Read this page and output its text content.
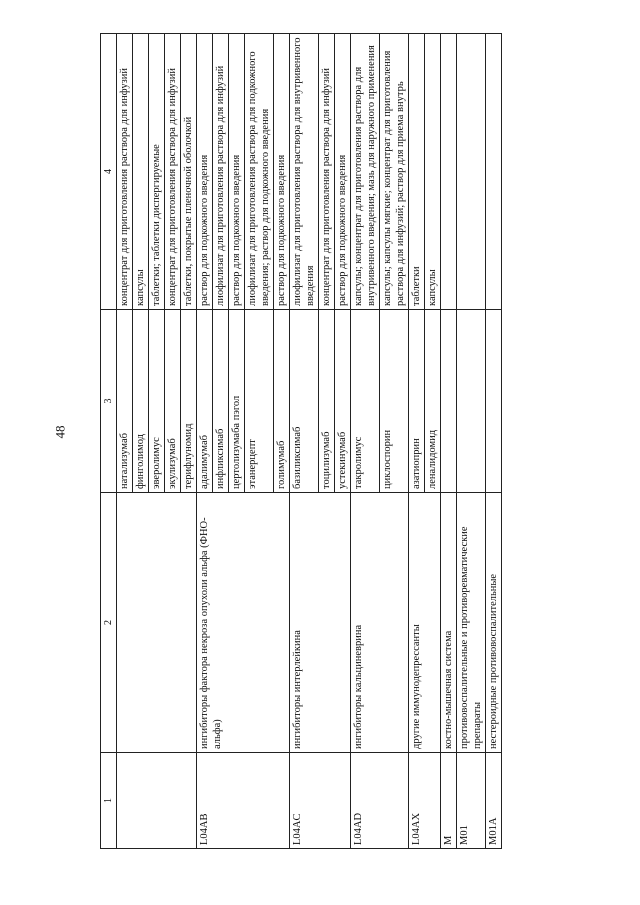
48
1	2	3	4
		натализумаб	концентрат для приготовления раствора для инфузий
		финголимод	капсулы
		эверолимус	таблетки; таблетки диспергируемые
		экулизумаб	концентрат для приготовления раствора для инфузий
		терифлуномид	таблетки, покрытые пленочной оболочкой
L04AB	ингибиторы фактора некроза опухоли альфа (ФНО-альфа)	адалимумаб	раствор для подкожного введения
		инфликсимаб	лиофилизат для приготовления раствора для инфузий
		цертолизумаба пэгол	раствор для подкожного введения
		этанерцепт	лиофилизат для приготовления раствора для подкожного введения; раствор для подкожного введения
		голимумаб	раствор для подкожного введения
L04AC	ингибиторы интерлейкина	базиликсимаб	лиофилизат для приготовления раствора для внутривенного введения
		тоцилизумаб	концентрат для приготовления раствора для инфузий
		устекинумаб	раствор для подкожного введения
L04AD	ингибиторы кальциневрина	такролимус	капсулы; концентрат для приготовления раствора для внутривенного введения; мазь для наружного применения
		циклоспорин	капсулы; капсулы мягкие; концентрат для приготовления раствора для инфузий; раствор для приема внутрь
L04AX	другие иммунодепрессанты	азатиоприн	таблетки
		леналидомид	капсулы
M	костно-мышечная система		
M01	противовоспалительные и противоревматические препараты		
M01A	нестероидные противовоспалительные		
